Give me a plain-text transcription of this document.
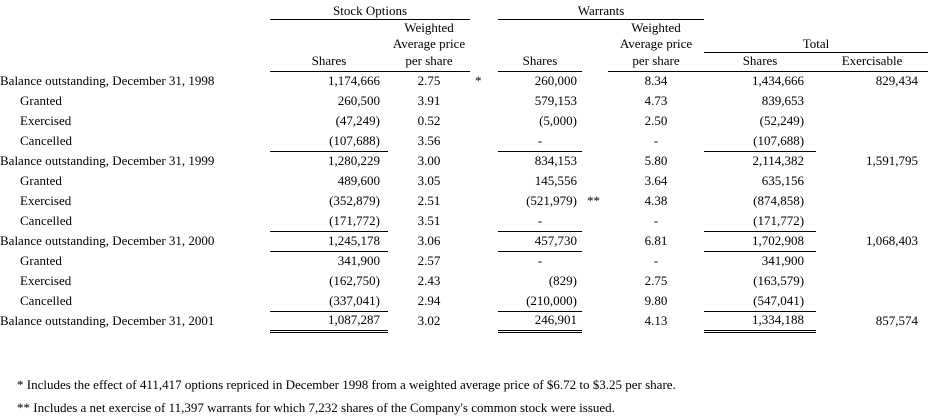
	Stock Options			Warrants				
		Weighted				Weighted		
		Average price				Average price	Total	
	Shares	per share		Shares		per share	Shares	Exercisable
Balance outstanding, December 31, 1998	1,174,666	2.75	*	260,000		8.34	1,434,666	829,434
Granted	260,500	3.91		579,153		4.73	839,653	
Exercised	(47,249)	0.52		(5,000)		2.50	(52,249)	
Cancelled	(107,688)	3.56		-		-	(107,688)	
Balance outstanding, December 31, 1999	1,280,229	3.00		834,153		5.80	2,114,382	1,591,795
Granted	489,600	3.05		145,556		3.64	635,156	
Exercised	(352,879)	2.51		(521,979)	**	4.38	(874,858)	
Cancelled	(171,772)	3.51		-		-	(171,772)	
Balance outstanding, December 31, 2000	1,245,178	3.06		457,730		6.81	1,702,908	1,068,403
Granted	341,900	2.57		-		-	341,900	
Exercised	(162,750)	2.43		(829)		2.75	(163,579)	
Cancelled	(337,041)	2.94		(210,000)		9.80	(547,041)	
Balance outstanding, December 31, 2001	1,087,287	3.02		246,901		4.13	1,334,188	857,574
* Includes the effect of 411,417 options repriced in December 1998 from a weighted average price of $6.72 to $3.25 per share.
** Includes a net exercise of 11,397 warrants for which 7,232 shares of the Company's common stock were issued.
